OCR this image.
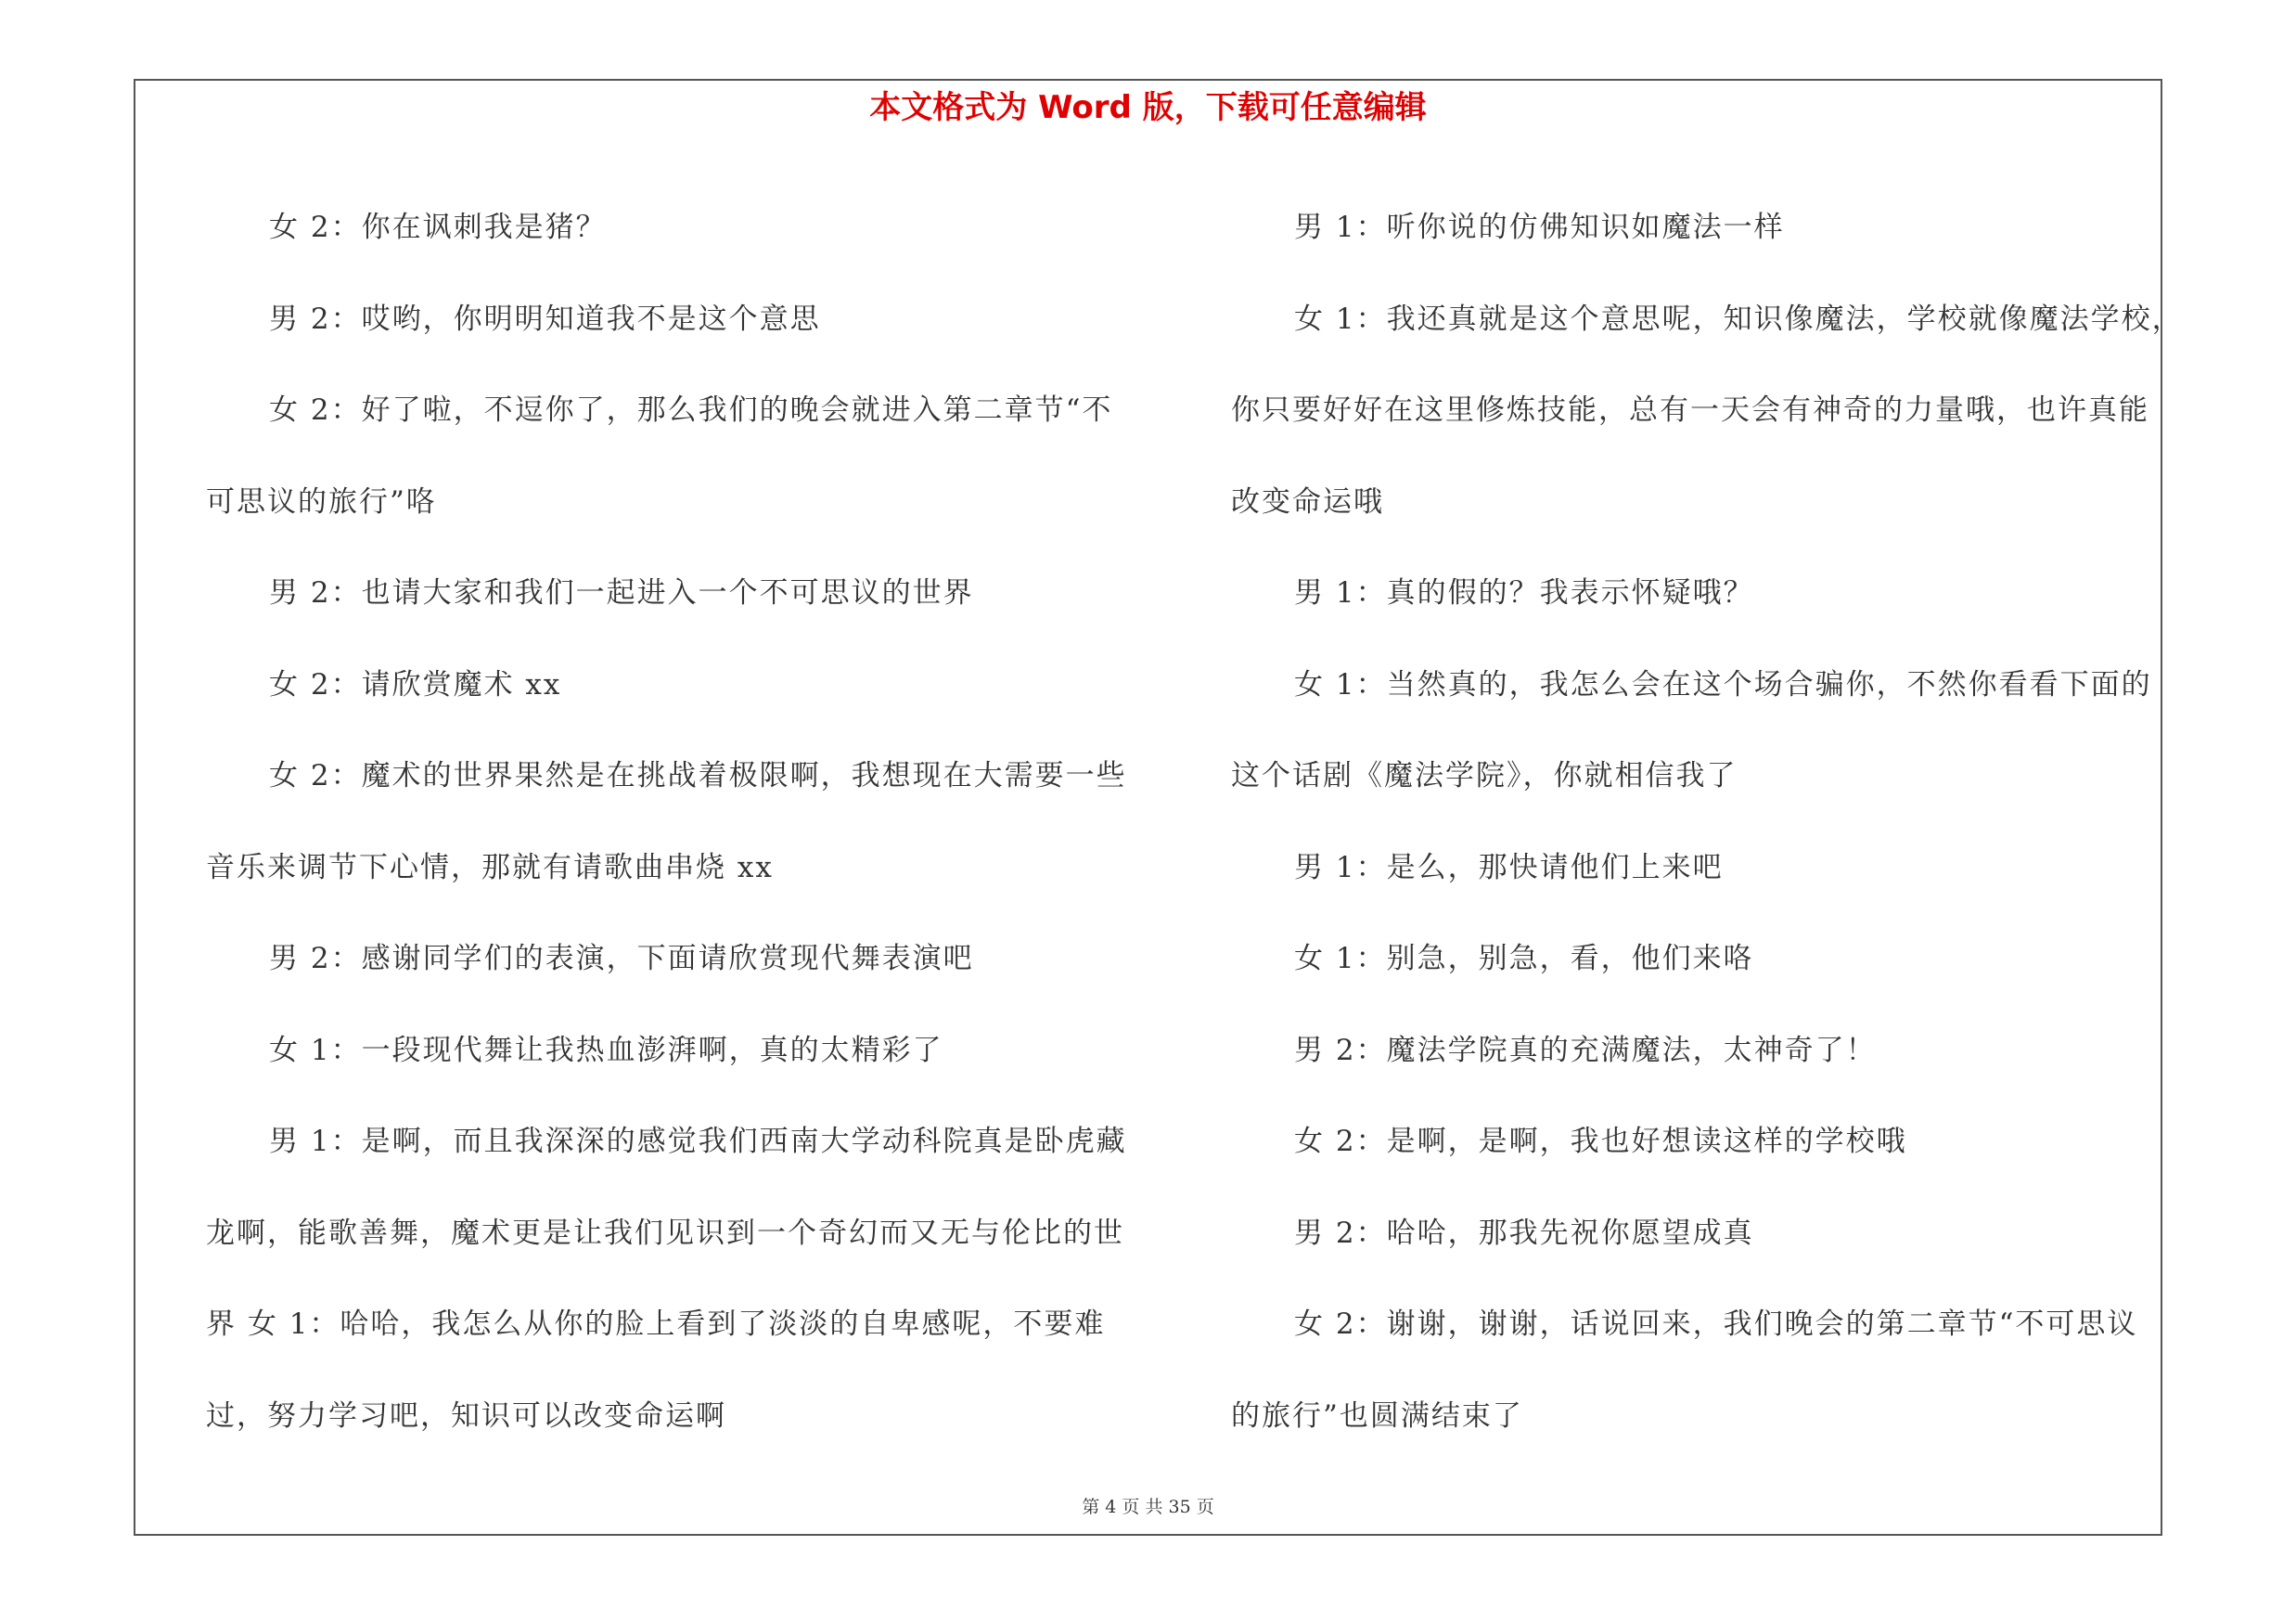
本文格式为 Word 版，下载可任意编辑
女 2：你在讽刺我是猪？
男 2：哎哟，你明明知道我不是这个意思
女 2：好了啦，不逗你了，那么我们的晚会就进入第二章节“不
可思议的旅行”咯
男 2：也请大家和我们一起进入一个不可思议的世界
女 2：请欣赏魔术 xx
女 2：魔术的世界果然是在挑战着极限啊，我想现在大需要一些
音乐来调节下心情，那就有请歌曲串烧 xx
男 2：感谢同学们的表演，下面请欣赏现代舞表演吧
女 1：一段现代舞让我热血澎湃啊，真的太精彩了
男 1：是啊，而且我深深的感觉我们西南大学动科院真是卧虎藏
龙啊，能歌善舞，魔术更是让我们见识到一个奇幻而又无与伦比的世
界 女 1：哈哈，我怎么从你的脸上看到了淡淡的自卑感呢，不要难
过，努力学习吧，知识可以改变命运啊
男 1：听你说的仿佛知识如魔法一样
女 1：我还真就是这个意思呢，知识像魔法，学校就像魔法学校，
你只要好好在这里修炼技能，总有一天会有神奇的力量哦，也许真能
改变命运哦
男 1：真的假的？我表示怀疑哦？
女 1：当然真的，我怎么会在这个场合骗你，不然你看看下面的
这个话剧《魔法学院》，你就相信我了
男 1：是么，那快请他们上来吧
女 1：别急，别急，看，他们来咯
男 2：魔法学院真的充满魔法，太神奇了！
女 2：是啊，是啊，我也好想读这样的学校哦
男 2：哈哈，那我先祝你愿望成真
女 2：谢谢，谢谢，话说回来，我们晚会的第二章节“不可思议
的旅行”也圆满结束了
第 4 页 共 35 页
